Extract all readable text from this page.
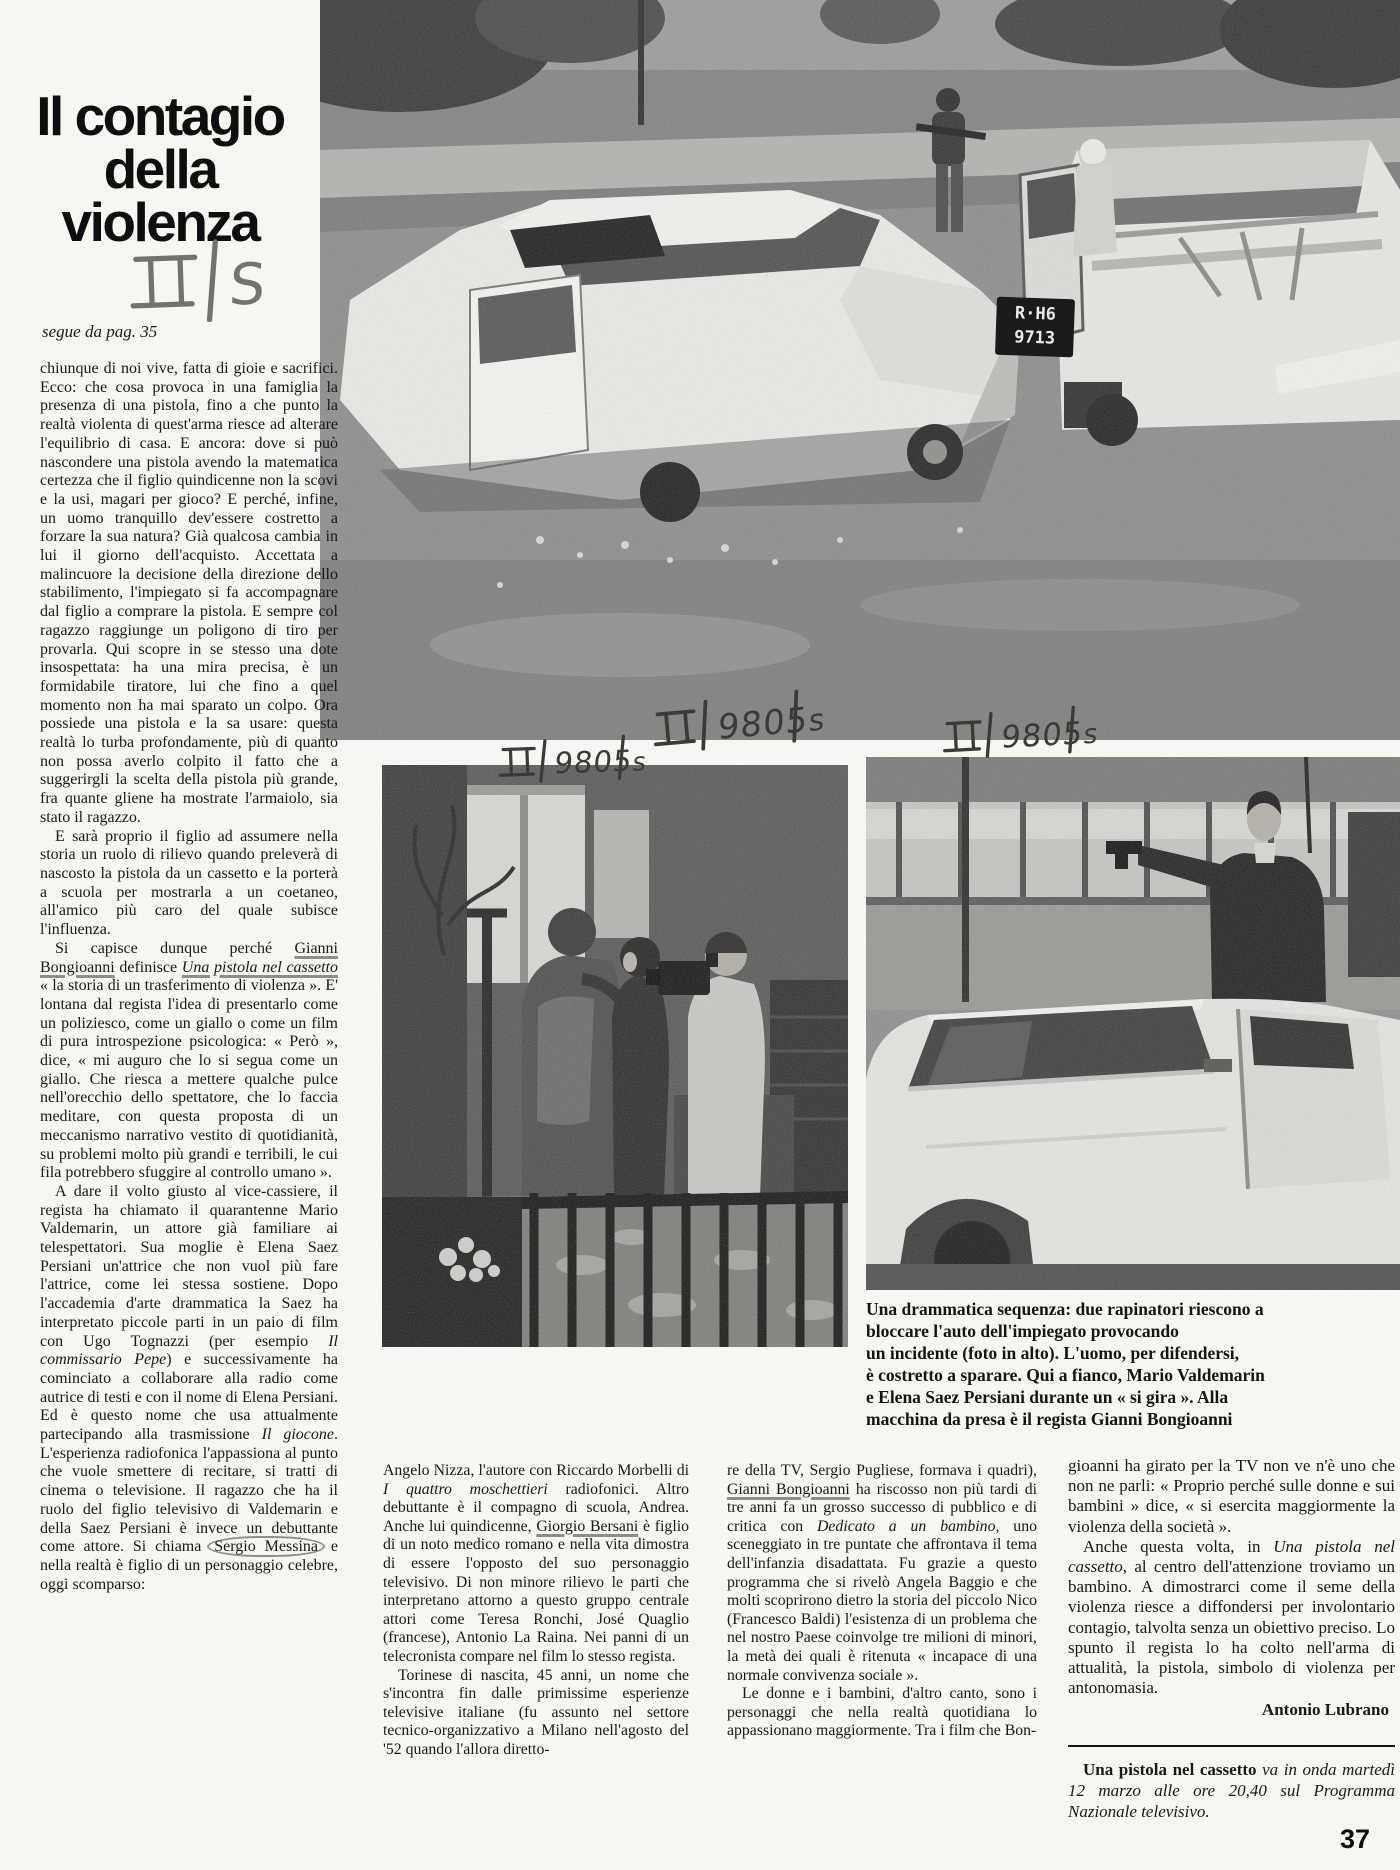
Il contagio
della
violenza
S

segue da pag. 35

R·H6
9713
9805
s
9805
s	9805
s
Una drammatica sequenza: due rapinatori riescono a
bloccare l'auto dell'impiegato provocando
un incidente (foto in alto). L'uomo, per difendersi,
è costretto a sparare. Qui a fianco, Mario Valdemarin
e Elena Saez Persiani durante un « si gira ». Alla
macchina da presa è il regista Gianni Bongioanni

chiunque di noi vive, fatta di gioie e sacrifici. Ecco: che cosa provoca in una famiglia la presenza di una pistola, fino a che punto la realtà violenta di quest'arma riesce ad alterare l'equilibrio di casa. E ancora: dove si può nascondere una pistola avendo la matematica certezza che il figlio quindicenne non la scovi e la usi, magari per gioco? E perché, infine, un uomo tranquillo dev'essere costretto a forzare la sua natura? Già qualcosa cambia in lui il giorno dell'acquisto. Accettata a malincuore la decisione della direzione dello stabilimento, l'impiegato si fa accompagnare dal figlio a comprare la pistola. E sempre col ragazzo raggiunge un poligono di tiro per provarla. Qui scopre in se stesso una dote insospettata: ha una mira precisa, è un formidabile tiratore, lui che fino a quel momento non ha mai sparato un colpo. Ora possiede una pistola e la sa usare: questa realtà lo turba profondamente, più di quanto non possa averlo colpito il fatto che a suggerirgli la scelta della pistola più grande, fra quante gliene ha mostrate l'armaiolo, sia stato il ragazzo.

E sarà proprio il figlio ad assumere nella storia un ruolo di rilievo quando preleverà di nascosto la pistola da un cassetto e la porterà a scuola per mostrarla a un coetaneo, all'amico più caro del quale subisce l'influenza.

Si capisce dunque perché Gianni Bongioanni definisce Una pistola nel cassetto « la storia di un trasferimento di violenza ». E' lontana dal regista l'idea di presentarlo come un poliziesco, come un giallo o come un film di pura introspezione psicologica: « Però », dice, « mi auguro che lo si segua come un giallo. Che riesca a mettere qualche pulce nell'orecchio dello spettatore, che lo faccia meditare, con questa proposta di un meccanismo narrativo vestito di quotidianità, su problemi molto più grandi e terribili, le cui fila potrebbero sfuggire al controllo umano ».

A dare il volto giusto al vice-cassiere, il regista ha chiamato il quarantenne Mario Valdemarin, un attore già familiare ai telespettatori. Sua moglie è Elena Saez Persiani un'attrice che non vuol più fare l'attrice, come lei stessa sostiene. Dopo l'accademia d'arte drammatica la Saez ha interpretato piccole parti in un paio di film con Ugo Tognazzi (per esempio Il commissario Pepe) e successivamente ha cominciato a collaborare alla radio come autrice di testi e con il nome di Elena Persiani. Ed è questo nome che usa attualmente partecipando alla trasmissione Il giocone. L'esperienza radiofonica l'appassiona al punto che vuole smettere di recitare, si tratti di cinema o televisione. Il ragazzo che ha il ruolo del figlio televisivo di Valdemarin e della Saez Persiani è invece un debuttante come attore. Si chiama Sergio Messina e nella realtà è figlio di un personaggio celebre, oggi scomparso:

Angelo Nizza, l'autore con Riccardo Morbelli di I quattro moschettieri radiofonici. Altro debuttante è il compagno di scuola, Andrea. Anche lui quindicenne, Giorgio Bersani è figlio di un noto medico romano e nella vita dimostra di essere l'opposto del suo personaggio televisivo. Di non minore rilievo le parti che interpretano attorno a questo gruppo centrale attori come Teresa Ronchi, José Quaglio (francese), Antonio La Raina. Nei panni di un telecronista compare nel film lo stesso regista.

Torinese di nascita, 45 anni, un nome che s'incontra fin dalle primissime esperienze televisive italiane (fu assunto nel settore tecnico-organizzativo a Milano nell'agosto del '52 quando l'allora diretto-

re della TV, Sergio Pugliese, formava i quadri), Gianni Bongioanni ha riscosso non più tardi di tre anni fa un grosso successo di pubblico e di critica con Dedicato a un bambino, uno sceneggiato in tre puntate che affrontava il tema dell'infanzia disadattata. Fu grazie a questo programma che si rivelò Angela Baggio e che molti scoprirono dietro la storia del piccolo Nico (Francesco Baldi) l'esistenza di un problema che nel nostro Paese coinvolge tre milioni di minori, la metà dei quali è ritenuta « incapace di una normale convivenza sociale ».

Le donne e i bambini, d'altro canto, sono i personaggi che nella realtà quotidiana lo appassionano maggiormente. Tra i film che Bon-

gioanni ha girato per la TV non ve n'è uno che non ne parli: « Proprio perché sulle donne e sui bambini » dice, « si esercita maggiormente la violenza della società ».

Anche questa volta, in Una pistola nel cassetto, al centro dell'attenzione troviamo un bambino. A dimostrarci come il seme della violenza riesce a diffondersi per involontario contagio, talvolta senza un obiettivo preciso. Lo spunto il regista lo ha colto nell'arma di attualità, la pistola, simbolo di violenza per antonomasia.

Antonio Lubrano

Una pistola nel cassetto va in onda martedì 12 marzo alle ore 20,40 sul Programma Nazionale televisivo.

37
